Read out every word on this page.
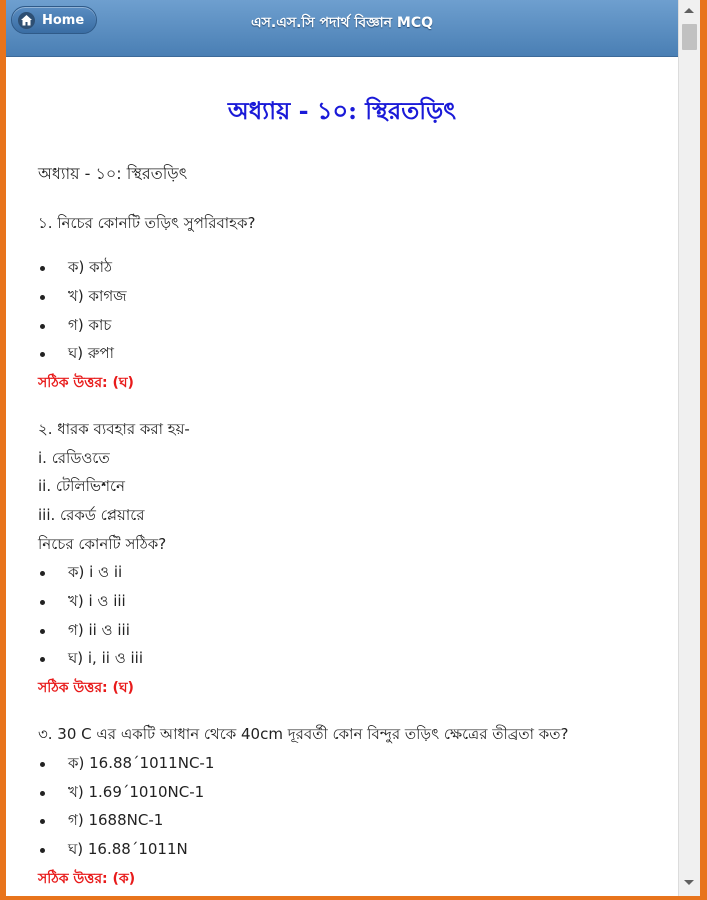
এস.এস.সি পদার্থ বিজ্ঞান MCQ
Home
অধ্যায় - ১০: স্থিরতড়িৎ
অধ্যায় - ১০: স্থিরতড়িৎ
১. নিচের কোনটি তড়িৎ সুপরিবাহক?
ক) কাঠ
খ) কাগজ
গ) কাচ
ঘ) রুপা
সঠিক উত্তর: (ঘ)
২. ধারক ব্যবহার করা হয়-
i. রেডিওতে
ii. টেলিভিশনে
iii. রেকর্ড প্লেয়ারে
নিচের কোনটি সঠিক?
ক) i ও ii
খ) i ও iii
গ) ii ও iii
ঘ) i, ii ও iii
সঠিক উত্তর: (ঘ)
৩. 30 C এর একটি আধান থেকে 40cm দূরবর্তী কোন বিন্দুর তড়িৎ ক্ষেত্রের তীব্রতা কত?
ক) 16.88´1011NC-1
খ) 1.69´1010NC-1
গ) 1688NC-1
ঘ) 16.88´1011N
সঠিক উত্তর: (ক)
